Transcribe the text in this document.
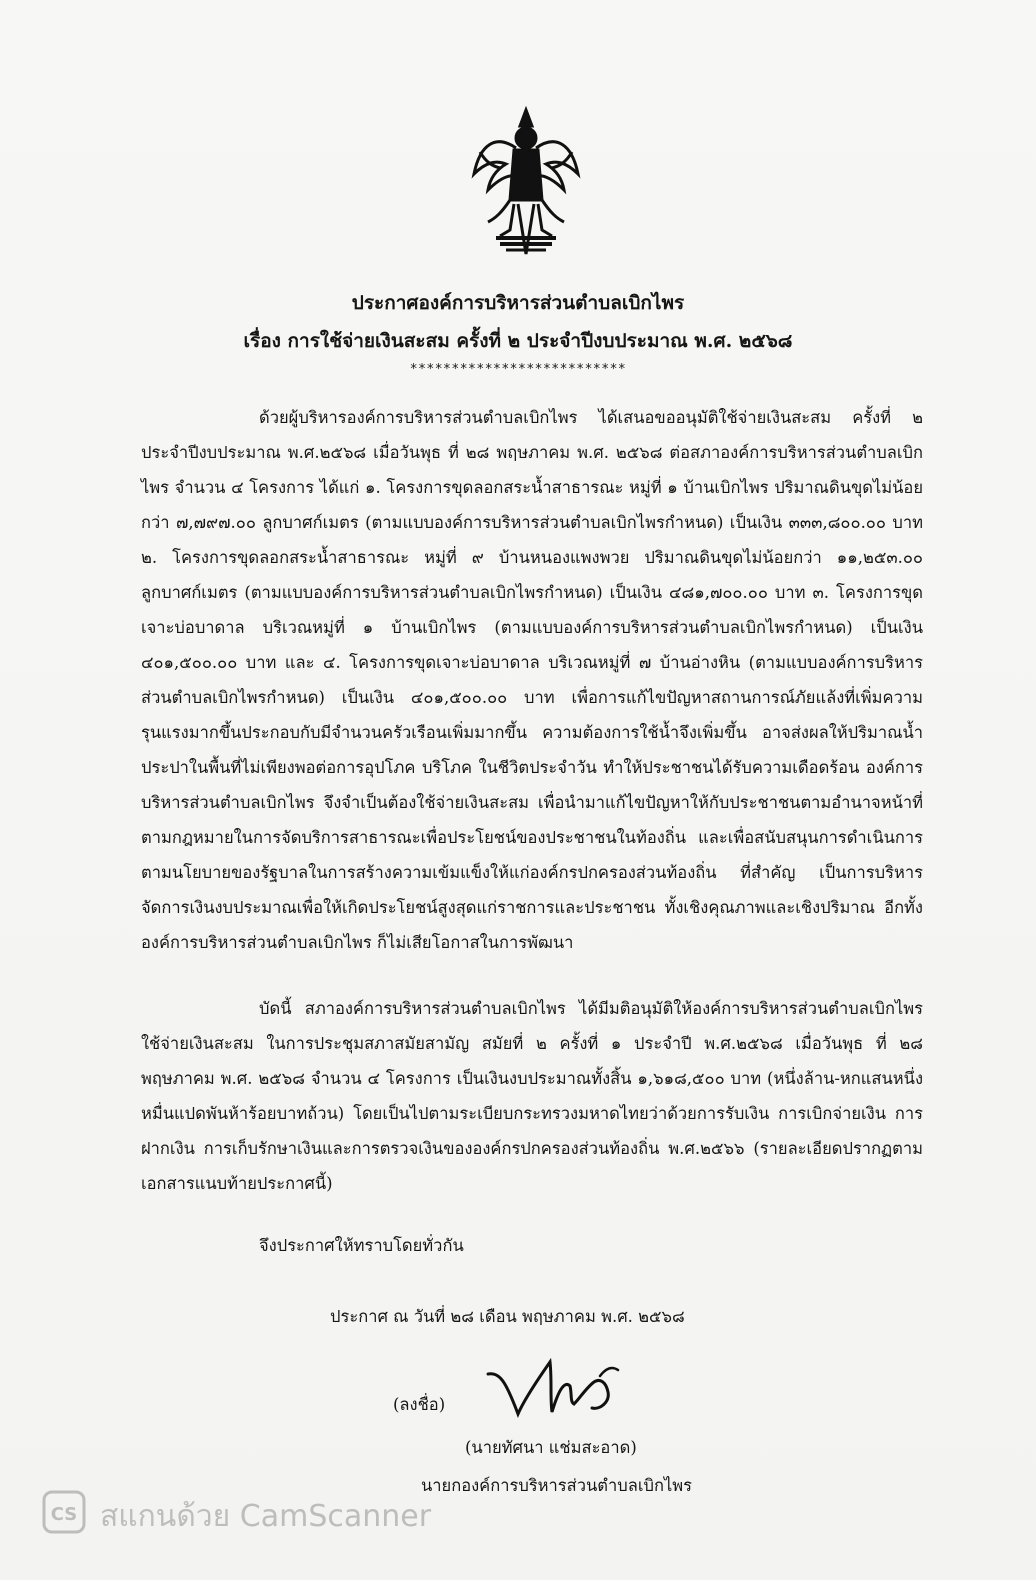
ประกาศองค์การบริหารส่วนตำบลเบิกไพร
เรื่อง การใช้จ่ายเงินสะสม ครั้งที่ ๒ ประจำปีงบประมาณ พ.ศ. ๒๕๖๘
**************************

ด้วยผู้บริหารองค์การบริหารส่วนตำบลเบิกไพร ได้เสนอขออนุมัติใช้จ่ายเงินสะสม ครั้งที่ ๒ ประจำปีงบประมาณ พ.ศ.๒๕๖๘ เมื่อวันพุธ ที่ ๒๘ พฤษภาคม พ.ศ. ๒๕๖๘ ต่อสภาองค์การบริหารส่วนตำบลเบิกไพร จำนวน ๔ โครงการ ได้แก่ ๑. โครงการขุดลอกสระน้ำสาธารณะ หมู่ที่ ๑ บ้านเบิกไพร ปริมาณดินขุดไม่น้อยกว่า ๗,๗๙๗.๐๐ ลูกบาศก์เมตร (ตามแบบองค์การบริหารส่วนตำบลเบิกไพรกำหนด) เป็นเงิน ๓๓๓,๘๐๐.๐๐ บาท ๒. โครงการขุดลอกสระน้ำสาธารณะ หมู่ที่ ๙ บ้านหนองแพงพวย ปริมาณดินขุดไม่น้อยกว่า ๑๑,๒๕๓.๐๐ ลูกบาศก์เมตร (ตามแบบองค์การบริหารส่วนตำบลเบิกไพรกำหนด) เป็นเงิน ๔๘๑,๗๐๐.๐๐ บาท ๓. โครงการขุดเจาะบ่อบาดาล บริเวณหมู่ที่ ๑ บ้านเบิกไพร (ตามแบบองค์การบริหารส่วนตำบลเบิกไพรกำหนด) เป็นเงิน ๔๐๑,๕๐๐.๐๐ บาท และ ๔. โครงการขุดเจาะบ่อบาดาล บริเวณหมู่ที่ ๗ บ้านอ่างหิน (ตามแบบองค์การบริหารส่วนตำบลเบิกไพรกำหนด) เป็นเงิน ๔๐๑,๕๐๐.๐๐ บาท เพื่อการแก้ไขปัญหาสถานการณ์ภัยแล้งที่เพิ่มความรุนแรงมากขึ้นประกอบกับมีจำนวนครัวเรือนเพิ่มมากขึ้น ความต้องการใช้น้ำจึงเพิ่มขึ้น อาจส่งผลให้ปริมาณน้ำประปาในพื้นที่ไม่เพียงพอต่อการอุปโภค บริโภค ในชีวิตประจำวัน ทำให้ประชาชนได้รับความเดือดร้อน องค์การบริหารส่วนตำบลเบิกไพร จึงจำเป็นต้องใช้จ่ายเงินสะสม เพื่อนำมาแก้ไขปัญหาให้กับประชาชนตามอำนาจหน้าที่ ตามกฎหมายในการจัดบริการสาธารณะเพื่อประโยชน์ของประชาชนในท้องถิ่น และเพื่อสนับสนุนการดำเนินการตามนโยบายของรัฐบาลในการสร้างความเข้มแข็งให้แก่องค์กรปกครองส่วนท้องถิ่น ที่สำคัญ เป็นการบริหารจัดการเงินงบประมาณเพื่อให้เกิดประโยชน์สูงสุดแก่ราชการและประชาชน ทั้งเชิงคุณภาพและเชิงปริมาณ อีกทั้งองค์การบริหารส่วนตำบลเบิกไพร ก็ไม่เสียโอกาสในการพัฒนา

บัดนี้ สภาองค์การบริหารส่วนตำบลเบิกไพร ได้มีมติอนุมัติให้องค์การบริหารส่วนตำบลเบิกไพร ใช้จ่ายเงินสะสม ในการประชุมสภาสมัยสามัญ สมัยที่ ๒ ครั้งที่ ๑ ประจำปี พ.ศ.๒๕๖๘ เมื่อวันพุธ ที่ ๒๘ พฤษภาคม พ.ศ. ๒๕๖๘ จำนวน ๔ โครงการ เป็นเงินงบประมาณทั้งสิ้น ๑,๖๑๘,๕๐๐ บาท (หนึ่งล้าน-หกแสนหนึ่งหมื่นแปดพันห้าร้อยบาทถ้วน) โดยเป็นไปตามระเบียบกระทรวงมหาดไทยว่าด้วยการรับเงิน การเบิกจ่ายเงิน การฝากเงิน การเก็บรักษาเงินและการตรวจเงินขององค์กรปกครองส่วนท้องถิ่น พ.ศ.๒๕๖๖ (รายละเอียดปรากฏตามเอกสารแนบท้ายประกาศนี้)

จึงประกาศให้ทราบโดยทั่วกัน
ประกาศ ณ วันที่ ๒๘ เดือน พฤษภาคม พ.ศ. ๒๕๖๘
(ลงชื่อ)
(นายทัศนา แช่มสะอาด)
นายกองค์การบริหารส่วนตำบลเบิกไพร
CS สแกนด้วย CamScanner
